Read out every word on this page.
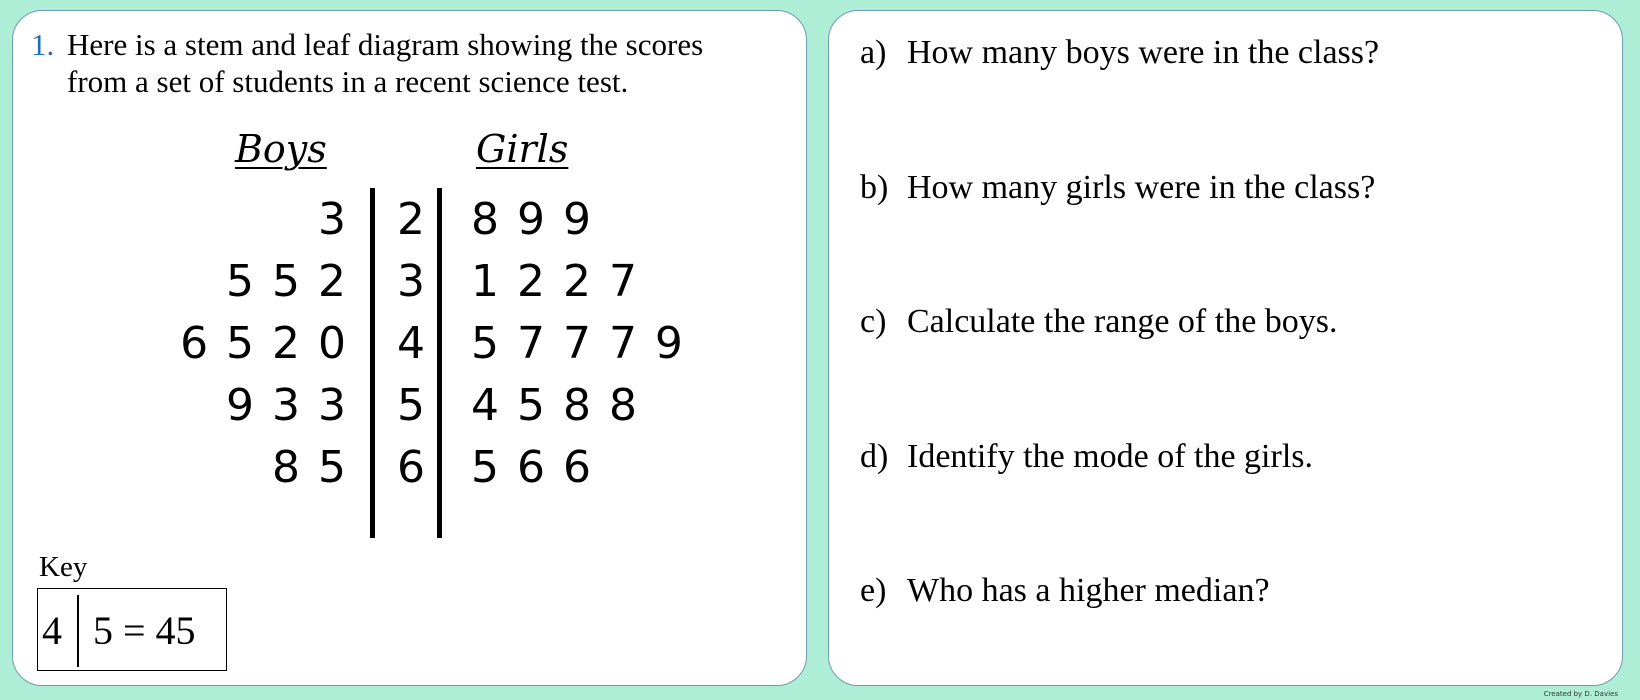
1. Here is a stem and leaf diagram showing the scores
from a set of students in a recent science test.
Boys	Girls
3 2 8 9 9
5 5 2 3 1 2 2 7
6 5 2 0 4 5 7 7 7 9
9 3 3 5 4 5 8 8
8 5 6 5 6 6
Key
4 5 = 45
a) How many boys were in the class?
b) How many girls were in the class?
c) Calculate the range of the boys.
d) Identify the mode of the girls.
e) Who has a higher median?
Created by D. Davies
